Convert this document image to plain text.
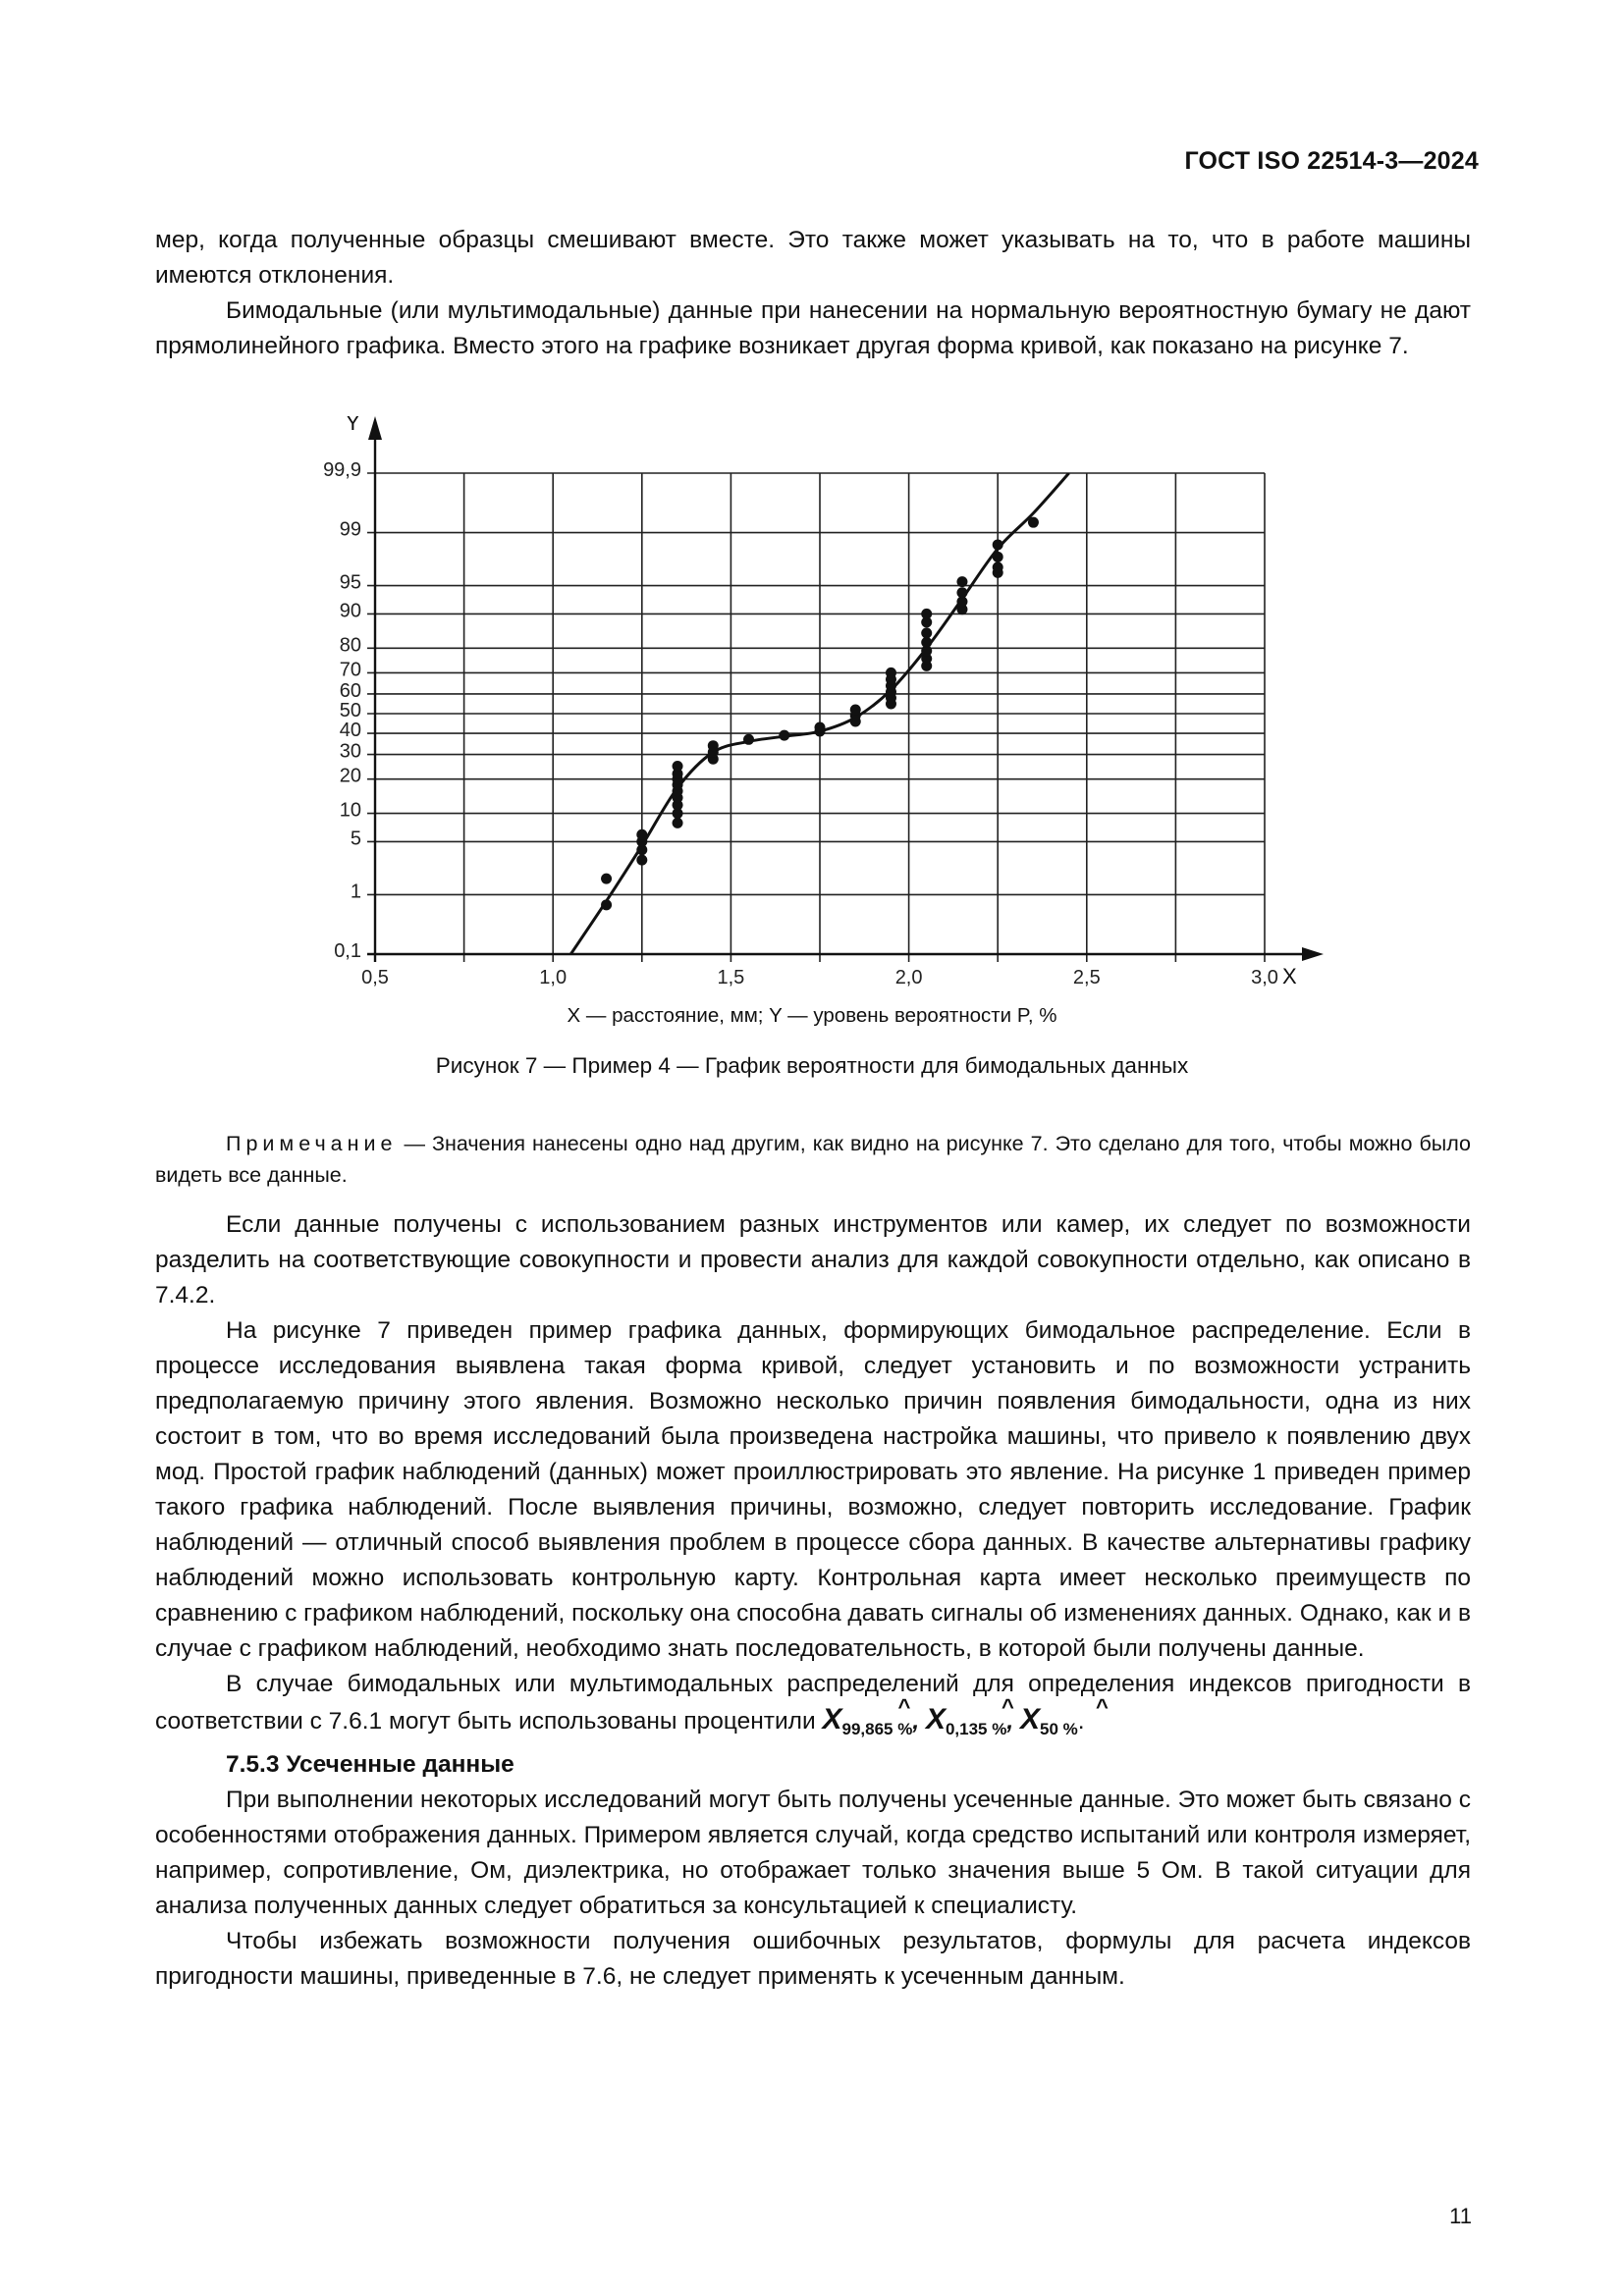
ГОСТ ISO 22514-3—2024

мер, когда полученные образцы смешивают вместе. Это также может указывать на то, что в работе машины имеются отклонения.

Бимодальные (или мультимодальные) данные при нанесении на нормальную вероятностную бумагу не дают прямолинейного графика. Вместо этого на графике возникает другая форма кривой, как показано на рисунке 7.

0,1
1
5
10
20
30
40
50
60
70
80
90
95
99
99,9
0,5	1,0	1,5	2,0	2,5	3,0
Y
X
X — расстояние, мм; Y — уровень вероятности P, %
Рисунок 7 — Пример 4 — График вероятности для бимодальных данных

Примечание — Значения нанесены одно над другим, как видно на рисунке 7. Это сделано для того, чтобы можно было видеть все данные.

Если данные получены с использованием разных инструментов или камер, их следует по возможности разделить на соответствующие совокупности и провести анализ для каждой совокупности отдельно, как описано в 7.4.2.

На рисунке 7 приведен пример графика данных, формирующих бимодальное распределение. Если в процессе исследования выявлена такая форма кривой, следует установить и по возможности устранить предполагаемую причину этого явления. Возможно несколько причин появления бимодальности, одна из них состоит в том, что во время исследований была произведена настройка машины, что привело к появлению двух мод. Простой график наблюдений (данных) может проиллюстрировать это явление. На рисунке 1 приведен пример такого графика наблюдений. После выявления причины, возможно, следует повторить исследование. График наблюдений — отличный способ выявления проблем в процессе сбора данных. В качестве альтернативы графику наблюдений можно использовать контрольную карту. Контрольная карта имеет несколько преимуществ по сравнению с графиком наблюдений, поскольку она способна давать сигналы об изменениях данных. Однако, как и в случае с графиком наблюдений, необходимо знать последовательность, в которой были получены данные.

В случае бимодальных или мультимодальных распределений для определения индексов пригодности в соответствии с 7.6.1 могут быть использованы процентили ^ $X_{99,865 \%}$, ^ $X_{0,135 \%}$, ^ $X_{50 \%}$.

7.5.3 Усеченные данные

При выполнении некоторых исследований могут быть получены усеченные данные. Это может быть связано с особенностями отображения данных. Примером является случай, когда средство испытаний или контроля измеряет, например, сопротивление, Ом, диэлектрика, но отображает только значения выше 5 Ом. В такой ситуации для анализа полученных данных следует обратиться за консультацией к специалисту.

Чтобы избежать возможности получения ошибочных результатов, формулы для расчета индексов пригодности машины, приведенные в 7.6, не следует применять к усеченным данным.

11
